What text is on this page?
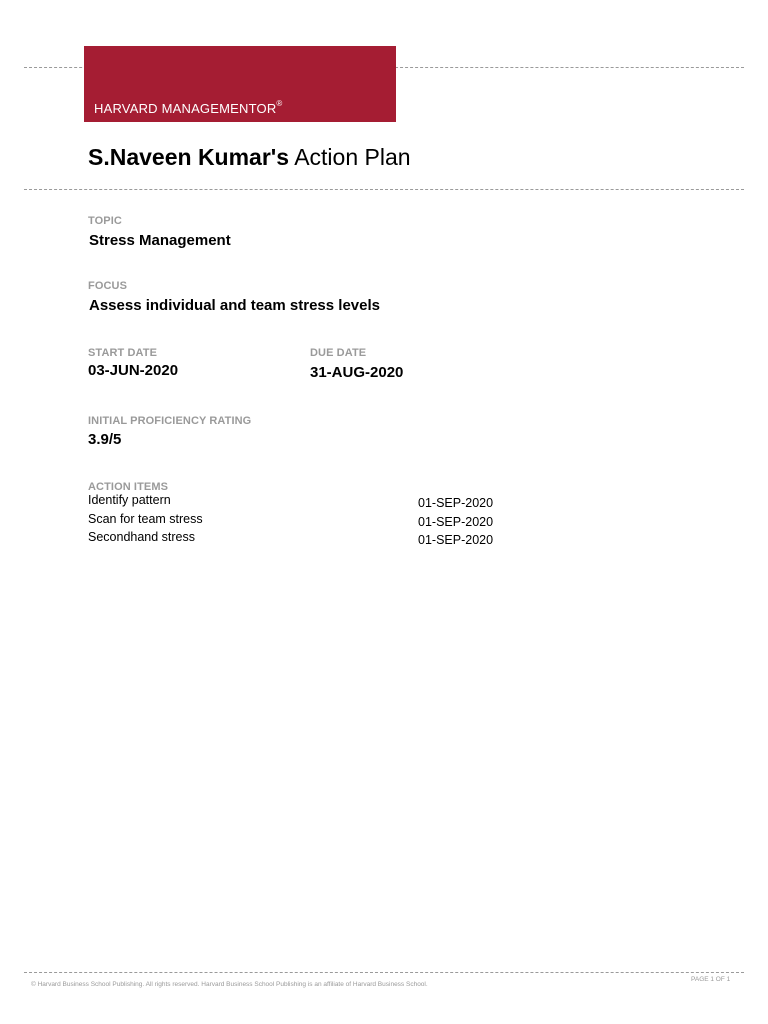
HARVARD MANAGEMENTOR®
S.Naveen Kumar's Action Plan
TOPIC
Stress Management
FOCUS
Assess individual and team stress levels
START DATE
03-JUN-2020
DUE DATE
31-AUG-2020
INITIAL PROFICIENCY RATING
3.9/5
ACTION ITEMS
Identify pattern	01-SEP-2020
Scan for team stress	01-SEP-2020
Secondhand stress	01-SEP-2020
© Harvard Business School Publishing. All rights reserved. Harvard Business School Publishing is an affiliate of Harvard Business School.
PAGE 1 OF 1
